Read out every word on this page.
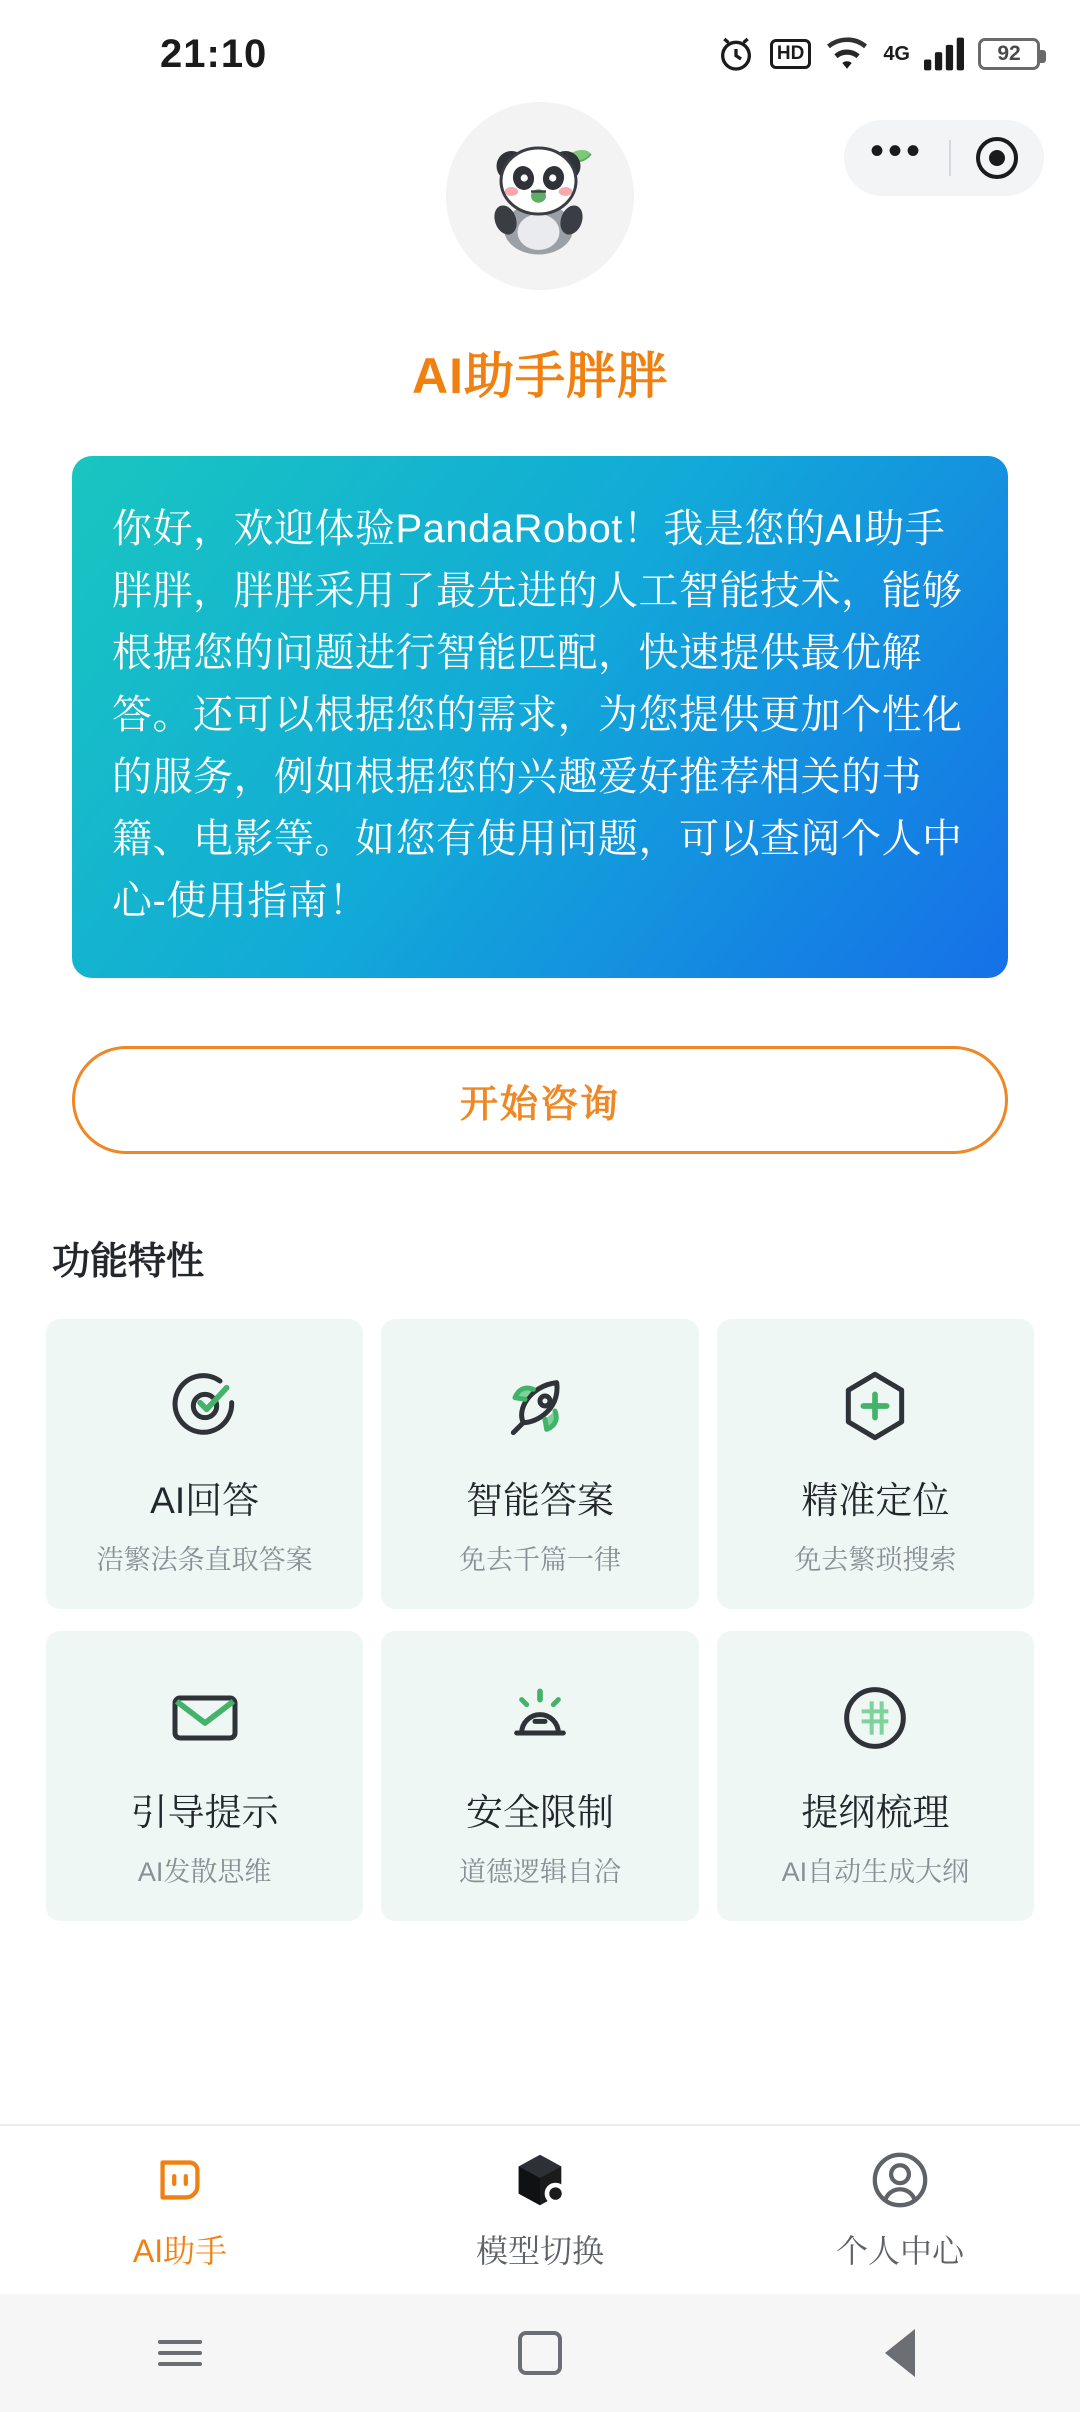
21:10	HD	4G	92
•••
AI助手胖胖

你好，欢迎体验PandaRobot！我是您的AI助手胖胖，胖胖采用了最先进的人工智能技术，能够根据您的问题进行智能匹配，快速提供最优解答。还可以根据您的需求，为您提供更加个性化的服务，例如根据您的兴趣爱好推荐相关的书籍、电影等。如您有使用问题，可以查阅个人中心-使用指南！

开始咨询
功能特性
AI回答
浩繁法条直取答案
智能答案
免去千篇一律
精准定位
免去繁琐搜索
引导提示
AI发散思维
安全限制
道德逻辑自洽
提纲梳理
AI自动生成大纲
AI助手	模型切换	个人中心
